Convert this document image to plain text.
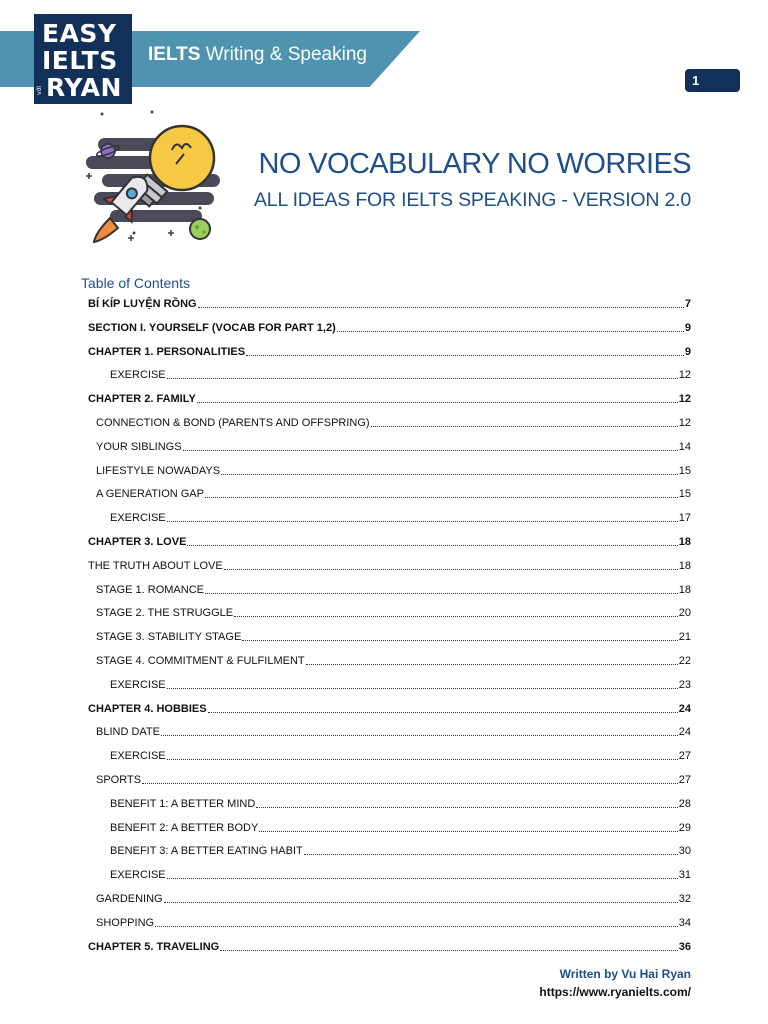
IELTS Writing & Speaking
EASY
IELTS
RYAN
với
1
NO VOCABULARY NO WORRIES
ALL IDEAS FOR IELTS SPEAKING - VERSION 2.0
Table of Contents
BÍ KÍP LUYỆN RỒNG	7
SECTION I. YOURSELF (VOCAB FOR PART 1,2)	9
CHAPTER 1. PERSONALITIES	9
EXERCISE	12
CHAPTER 2. FAMILY	12
CONNECTION & BOND (PARENTS AND OFFSPRING)	12
YOUR SIBLINGS	14
LIFESTYLE NOWADAYS	15
A GENERATION GAP	15
EXERCISE	17
CHAPTER 3. LOVE	18
THE TRUTH ABOUT LOVE	18
STAGE 1. ROMANCE	18
STAGE 2. THE STRUGGLE	20
STAGE 3. STABILITY STAGE	21
STAGE 4. COMMITMENT & FULFILMENT	22
EXERCISE	23
CHAPTER 4. HOBBIES	24
BLIND DATE	24
EXERCISE	27
SPORTS	27
BENEFIT 1: A BETTER MIND	28
BENEFIT 2: A BETTER BODY	29
BENEFIT 3: A BETTER EATING HABIT	30
EXERCISE	31
GARDENING	32
SHOPPING	34
CHAPTER 5. TRAVELING	36
Written by Vu Hai Ryan
https://www.ryanielts.com/
